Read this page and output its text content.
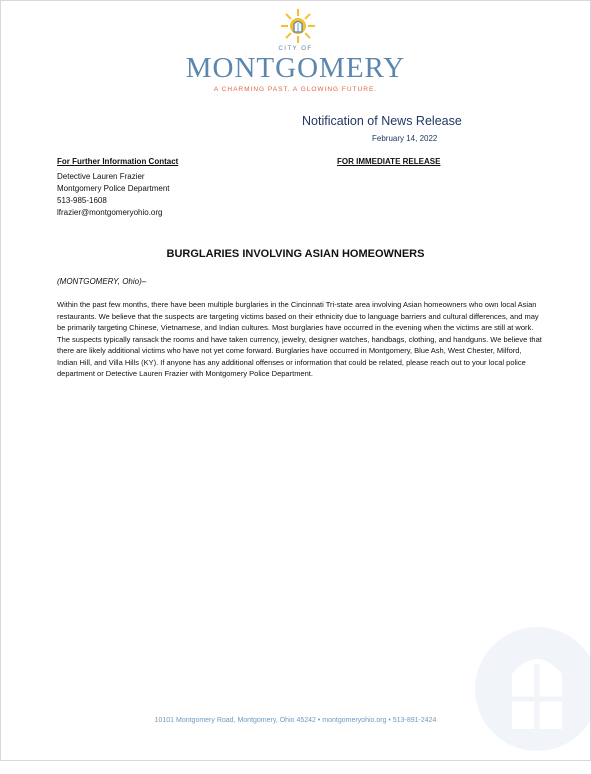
CITY OF
MONTGOMERY
A CHARMING PAST. A GLOWING FUTURE.
Notification of News Release
February 14, 2022
For Further Information Contact	FOR IMMEDIATE RELEASE
Detective Lauren Frazier
Montgomery Police Department
513-985-1608
lfrazier@montgomeryohio.org
BURGLARIES INVOLVING ASIAN HOMEOWNERS
(MONTGOMERY, Ohio)–
Within the past few months, there have been multiple burglaries in the Cincinnati Tri-state area involving Asian homeowners who own local Asian restaurants. We believe that the suspects are targeting victims based on their ethnicity due to language barriers and cultural differences, and may be primarily targeting Chinese, Vietnamese, and Indian cultures. Most burglaries have occurred in the evening when the victims are still at work. The suspects typically ransack the rooms and have taken currency, jewelry, designer watches, handbags, clothing, and handguns. We believe that there are likely additional victims who have not yet come forward. Burglaries have occurred in Montgomery, Blue Ash, West Chester, Milford, Indian Hill, and Villa Hills (KY). If anyone has any additional offenses or information that could be related, please reach out to your local police department or Detective Lauren Frazier with Montgomery Police Department.
10101 Montgomery Road, Montgomery, Ohio 45242 • montgomeryohio.org • 513-891-2424
